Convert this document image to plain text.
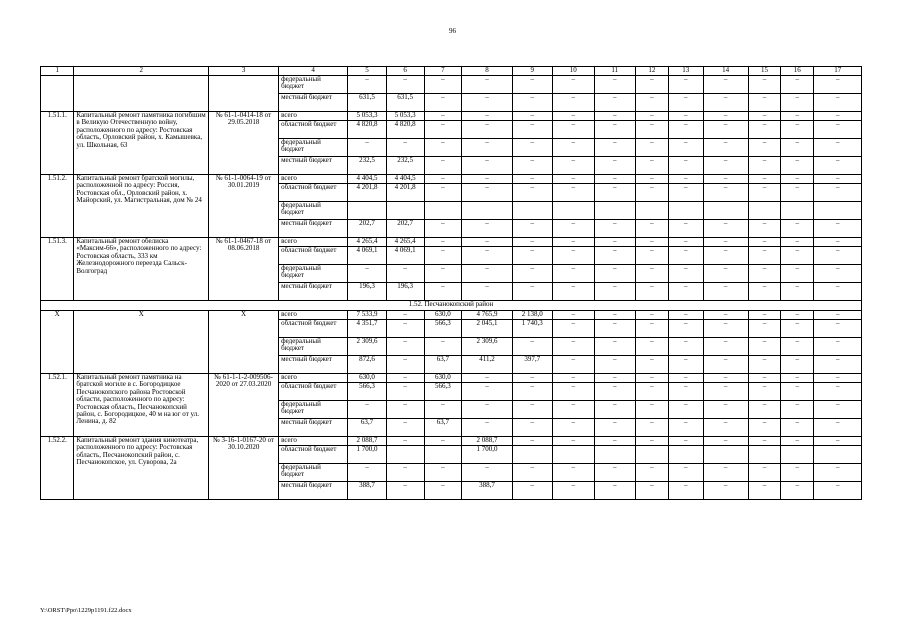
96
1	2	3	4	5	6	7	8	9	10	11	12	13	14	15	16	17
			федеральный бюджет	–	–	–	–	–	–	–	–	–	–	–	–	–
			местный бюджет	631,5	631,5	–	–	–	–	–	–	–	–	–	–	–
1.51.1.	Капитальный ремонт памятника погибшим в Великую Отечественную войну, расположенного по адресу: Ростовская область, Орловский район, х. Камышевка, ул. Школьная, 63	№ 61-1-0414-18 от 29.05.2018	всего	5 053,3	5 053,3	–	–	–	–	–	–	–	–	–	–	–
			областной бюджет	4 820,8	4 820,8	–	–	–	–	–	–	–	–	–	–	–
			федеральный бюджет	–	–	–	–	–	–	–	–	–	–	–	–	–
			местный бюджет	232,5	232,5	–	–	–	–	–	–	–	–	–	–	–
1.51.2.	Капитальный ремонт братской могилы, расположенной по адресу: Россия, Ростовская обл., Орловский район, х. Майорский, ул. Магистральная, дом № 24	№ 61-1-0064-19 от 30.01.2019	всего	4 404,5	4 404,5	–	–	–	–	–	–	–	–	–	–	–
			областной бюджет	4 201,8	4 201,8	–	–	–	–	–	–	–	–	–	–	–
			федеральный бюджет													
			местный бюджет	202,7	202,7	–	–	–	–	–	–	–	–	–	–	–
1.51.3.	Капитальный ремонт обелиска «Максим-66», расположенного по адресу: Ростовская область, 333 км Железнодорожного переезда Сальск-Волгоград	№ 61-1-0467-18 от 08.06.2018	всего	4 265,4	4 265,4	–	–	–	–	–	–	–	–	–	–	–
			областной бюджет	4 069,1	4 069,1	–	–	–	–	–	–	–	–	–	–	–
			федеральный бюджет	–	–	–	–	–	–	–	–	–	–	–	–	–
			местный бюджет	196,3	196,3	–	–	–	–	–	–	–	–	–	–	–
1.52. Песчанокопский район																
X	X	X	всего	7 533,9	–	630,0	4 765,9	2 138,0	–	–	–	–	–	–	–	–
			областной бюджет	4 351,7	–	566,3	2 045,1	1 740,3	–	–	–	–	–	–	–	–
			федеральный бюджет	2 309,6	–	–	2 309,6	–	–	–	–	–	–	–	–	–
			местный бюджет	872,6	–	63,7	411,2	397,7	–	–	–	–	–	–	–	–
1.52.1.	Капитальный ремонт памятника на братской могиле в с. Богородицкое Песчанокопского района Ростовской области, расположенного по адресу: Ростовская область, Песчанокопский район, с. Богородицкое, 40 м на юг от ул. Ленина, д. 82	№ 61-1-1-2-009506-2020 от 27.03.2020	всего	630,0	–	630,0	–	–	–	–	–	–	–	–	–	–
			областной бюджет	566,3	–	566,3	–	–	–	–	–	–	–	–	–	–
			федеральный бюджет	–	–	–	–	–	–	–	–	–	–	–	–	–
			местный бюджет	63,7	–	63,7	–	–	–	–	–	–	–	–	–	–
1.52.2.	Капитальный ремонт здания кинотеатра, расположенного по адресу: Ростовская область, Песчанокопский район, с. Песчанокопское, ул. Суворова, 2а	№ 3-16-1-0167-20 от 30.10.2020	всего	2 088,7	–	–	2 088,7	–	–	–	–	–	–	–	–	–
			областной бюджет	1 700,0			1 700,0									
			федеральный бюджет	–	–	–	–	–	–	–	–	–	–	–	–	–
			местный бюджет	388,7	–	–	388,7	–	–	–	–	–	–	–	–	–
Y:\ORST\Ppo\1229p1191.f22.docx
